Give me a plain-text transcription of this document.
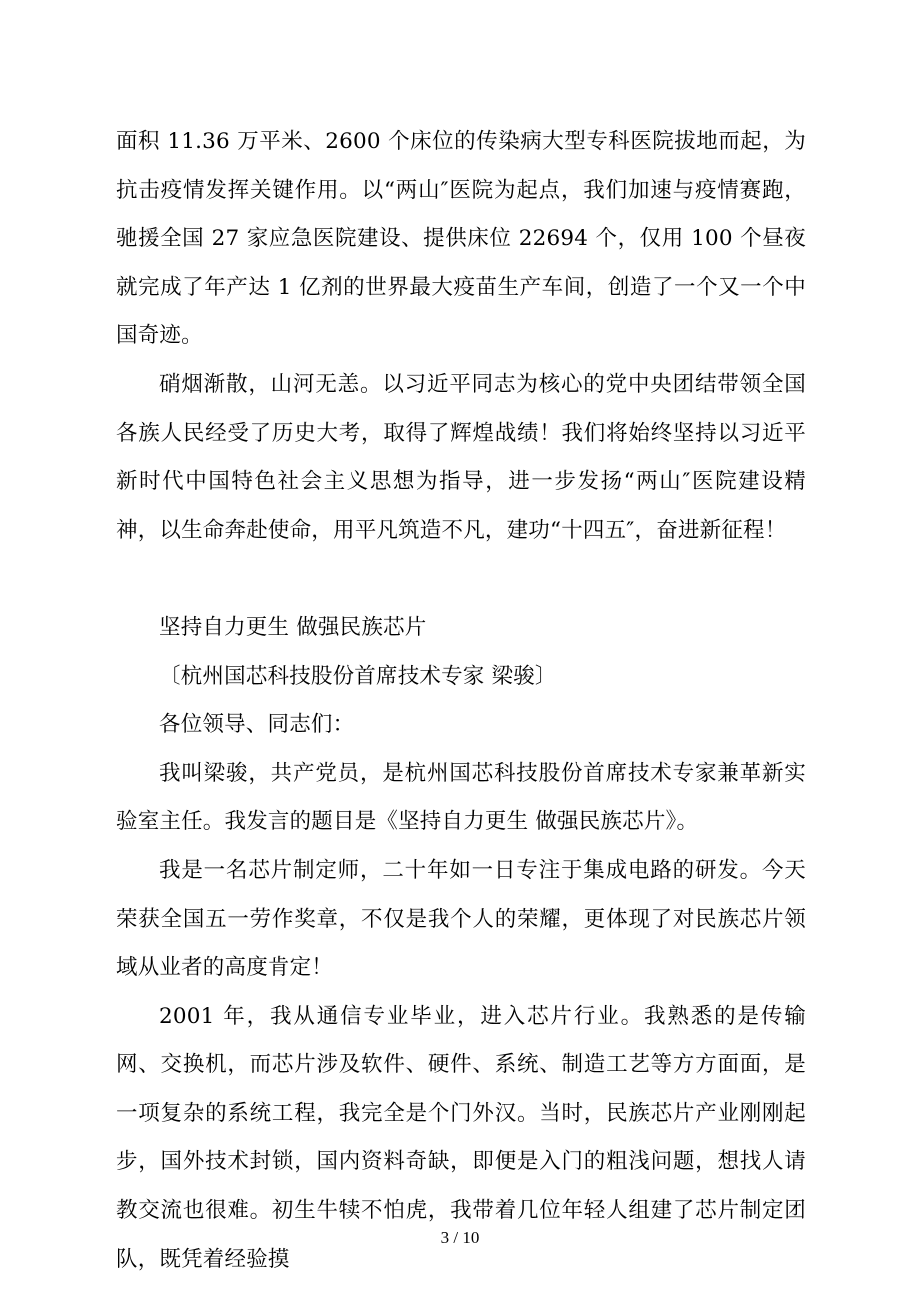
面积 11.36 万平米、2600 个床位的传染病大型专科医院拔地而起，为抗击疫情发挥关键作用。以“两山″医院为起点，我们加速与疫情赛跑，驰援全国 27 家应急医院建设、提供床位 22694 个，仅用 100 个昼夜就完成了年产达 1 亿剂的世界最大疫苗生产车间，创造了一个又一个中国奇迹。

硝烟渐散，山河无恙。以习近平同志为核心的党中央团结带领全国各族人民经受了历史大考，取得了辉煌战绩！我们将始终坚持以习近平新时代中国特色社会主义思想为指导，进一步发扬“两山″医院建设精神，以生命奔赴使命，用平凡筑造不凡，建功“十四五″，奋进新征程！

坚持自力更生 做强民族芯片

〔杭州国芯科技股份首席技术专家 梁骏〕

各位领导、同志们：

我叫梁骏，共产党员，是杭州国芯科技股份首席技术专家兼革新实验室主任。我发言的题目是《坚持自力更生 做强民族芯片》。

我是一名芯片制定师，二十年如一日专注于集成电路的研发。今天荣获全国五一劳作奖章，不仅是我个人的荣耀，更体现了对民族芯片领域从业者的高度肯定！

2001 年，我从通信专业毕业，进入芯片行业。我熟悉的是传输网、交换机，而芯片涉及软件、硬件、系统、制造工艺等方方面面，是一项复杂的系统工程，我完全是个门外汉。当时，民族芯片产业刚刚起步，国外技术封锁，国内资料奇缺，即便是入门的粗浅问题，想找人请教交流也很难。初生牛犊不怕虎，我带着几位年轻人组建了芯片制定团队，既凭着经验摸

3 / 10
